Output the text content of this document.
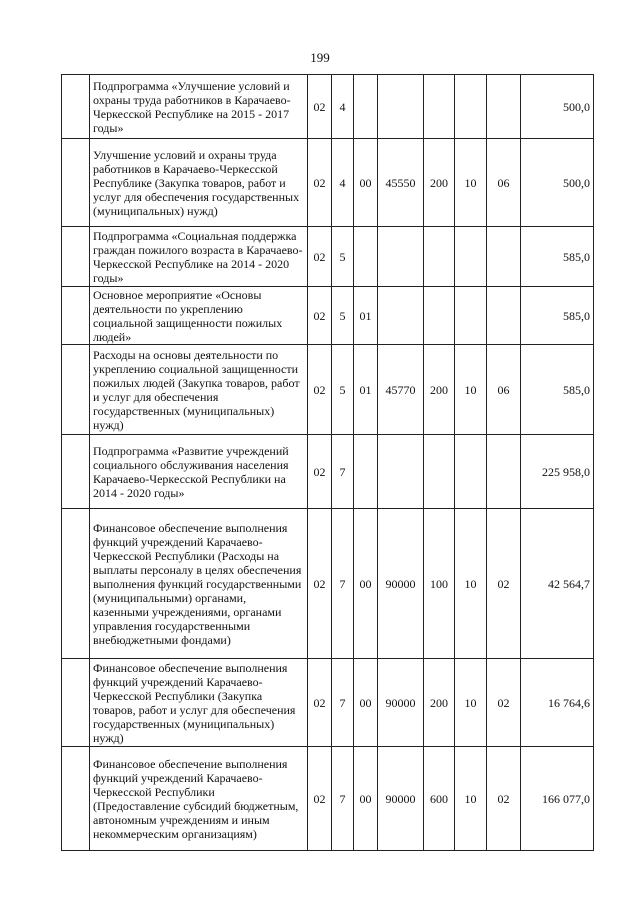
199
	Подпрограмма «Улучшение условий и охраны труда работников в Карачаево-Черкесской Республике на 2015 - 2017 годы»	02	4						500,0
	Улучшение условий и охраны труда работников в Карачаево-Черкесской Республике (Закупка товаров, работ и услуг для обеспечения государственных (муниципальных) нужд)	02	4	00	45550	200	10	06	500,0
	Подпрограмма «Социальная поддержка граждан пожилого возраста в Карачаево-Черкесской Республике на 2014 - 2020 годы»	02	5						585,0
	Основное мероприятие «Основы деятельности по укреплению социальной защищенности пожилых людей»	02	5	01					585,0
	Расходы на основы деятельности по укреплению социальной защищенности пожилых людей (Закупка товаров, работ и услуг для обеспечения государственных (муниципальных) нужд)	02	5	01	45770	200	10	06	585,0
	Подпрограмма «Развитие учреждений социального обслуживания населения Карачаево-Черкесской Республики на 2014 - 2020 годы»	02	7						225 958,0
	Финансовое обеспечение выполнения функций учреждений Карачаево-Черкесской Республики (Расходы на выплаты персоналу в целях обеспечения выполнения функций государственными (муниципальными) органами, казенными учреждениями, органами управления государственными внебюджетными фондами)	02	7	00	90000	100	10	02	42 564,7
	Финансовое обеспечение выполнения функций учреждений Карачаево-Черкесской Республики (Закупка товаров, работ и услуг для обеспечения государственных (муниципальных) нужд)	02	7	00	90000	200	10	02	16 764,6
	Финансовое обеспечение выполнения функций учреждений Карачаево-Черкесской Республики (Предоставление субсидий бюджетным, автономным учреждениям и иным некоммерческим организациям)	02	7	00	90000	600	10	02	166 077,0
